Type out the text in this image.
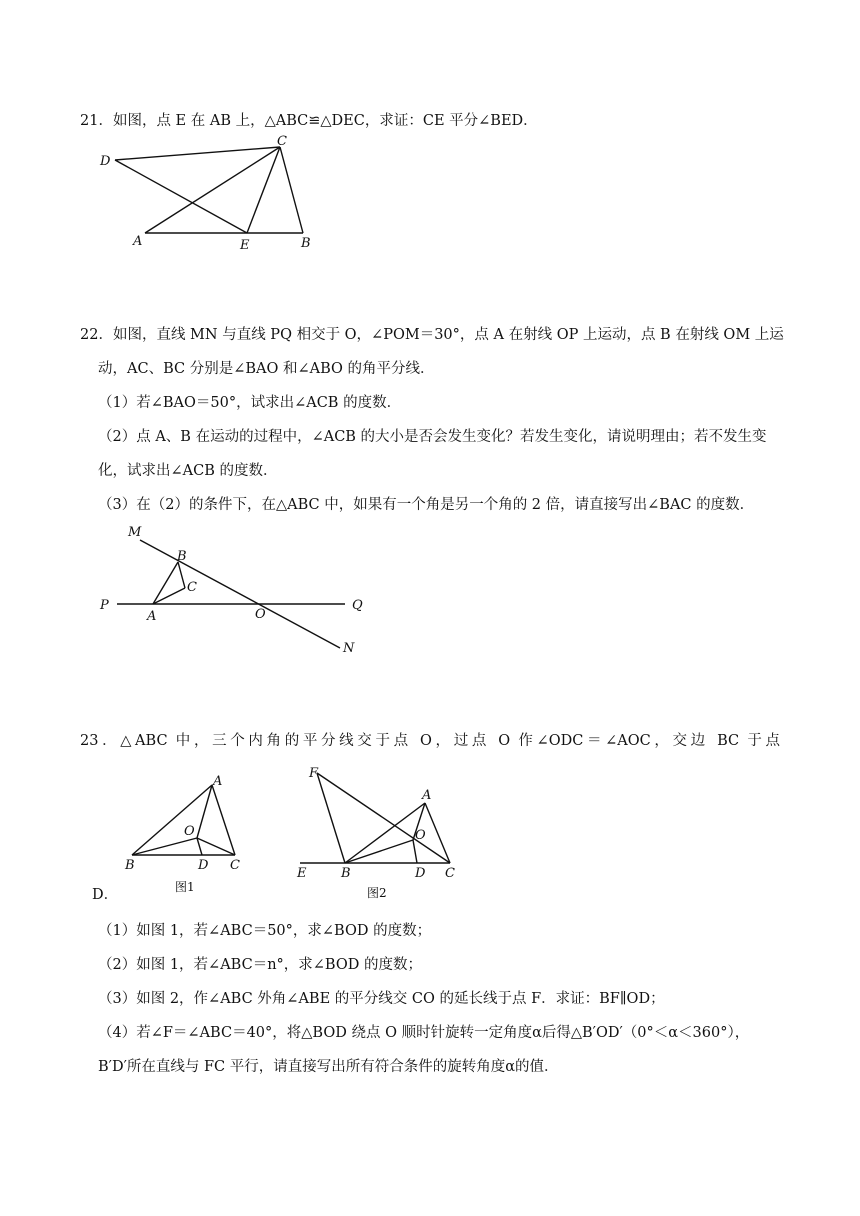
21．如图，点 E 在 AB 上，△ABC≌△DEC，求证：CE 平分∠BED．
D
C
A	E	B
22．如图，直线 MN 与直线 PQ 相交于 O，∠POM＝30°，点 A 在射线 OP 上运动，点 B 在射线 OM 上运
动，AC、BC 分别是∠BAO 和∠ABO 的角平分线．
（1）若∠BAO＝50°，试求出∠ACB 的度数．
（2）点 A、B 在运动的过程中，∠ACB 的大小是否会发生变化？若发生变化，请说明理由；若不发生变
化，试求出∠ACB 的度数．
（3）在（2）的条件下，在△ABC 中，如果有一个角是另一个角的 2 倍，请直接写出∠BAC 的度数．
M
B
C
P
A	O
Q
N
23．△ABC 中，三个内角的平分线交于点 O，过点 O 作∠ODC＝∠AOC，交边 BC 于点
A
O
B	D C
图1
F
A
O
E	B	D C
图2
D．
（1）如图 1，若∠ABC＝50°，求∠BOD 的度数；
（2）如图 1，若∠ABC＝n°，求∠BOD 的度数；
（3）如图 2，作∠ABC 外角∠ABE 的平分线交 CO 的延长线于点 F．求证：BF∥OD；
（4）若∠F＝∠ABC＝40°，将△BOD 绕点 O 顺时针旋转一定角度α后得△B′OD′（0°＜α＜360°），
B′D′所在直线与 FC 平行，请直接写出所有符合条件的旋转角度α的值．
